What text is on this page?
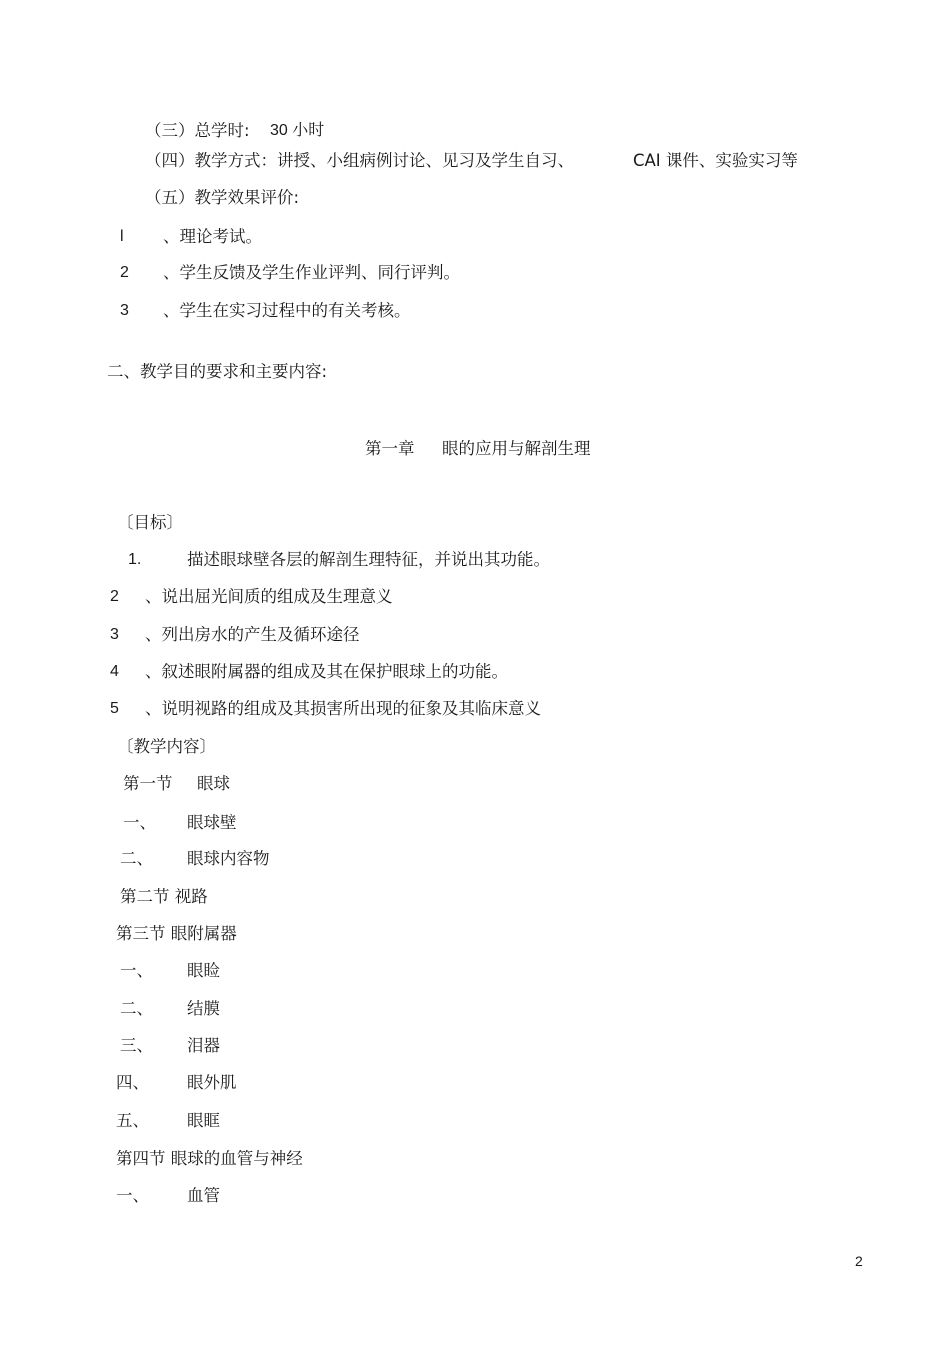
（三）总学时: 30 小时
（四）教学方式：讲授、小组病例讨论、见习及学生自习、	CAI 课件、实验实习等
（五）教学效果评价:
l 、理论考试。
2 、学生反馈及学生作业评判、同行评判。
3 、学生在实习过程中的有关考核。
二、教学目的要求和主要内容:
第一章 眼的应用与解剖生理
〔目标〕
1.	描述眼球壁各层的解剖生理特征，并说出其功能。
2 、说出屈光间质的组成及生理意义
3 、列出房水的产生及循环途径
4 、叙述眼附属器的组成及其在保护眼球上的功能。
5 、说明视路的组成及其损害所出现的征象及其临床意义
〔教学内容〕
第一节 眼球
一、 眼球壁
二、 眼球内容物
第二节 视路
第三节 眼附属器
一、 眼睑
二、 结膜
三、 泪器
四、 眼外肌
五、 眼眶
第四节 眼球的血管与神经
一、 血管
2
